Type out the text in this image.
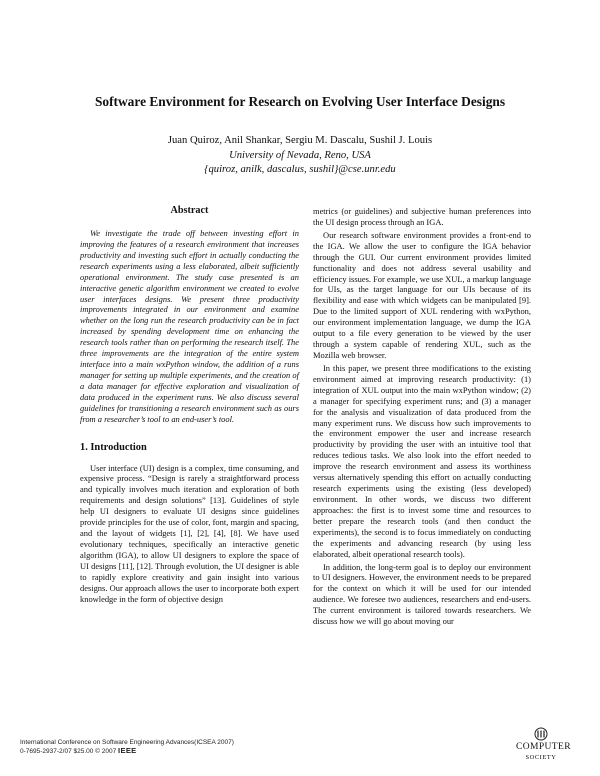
Software Environment for Research on Evolving User Interface Designs
Juan Quiroz, Anil Shankar, Sergiu M. Dascalu, Sushil J. Louis
University of Nevada, Reno, USA
{quiroz, anilk, dascalus, sushil}@cse.unr.edu
Abstract

We investigate the trade off between investing effort in improving the features of a research environment that increases productivity and investing such effort in actually conducting the research experiments using a less elaborated, albeit sufficiently operational environment. The study case presented is an interactive genetic algorithm environment we created to evolve user interfaces designs. We present three productivity improvements integrated in our environment and examine whether on the long run the research productivity can be in fact increased by spending development time on enhancing the research tools rather than on performing the research itself. The three improvements are the integration of the entire system interface into a main wxPython window, the addition of a runs manager for setting up multiple experiments, and the creation of a data manager for effective exploration and visualization of data produced in the experiment runs. We also discuss several guidelines for transitioning a research environment such as ours from a researcher’s tool to an end-user’s tool.

1. Introduction

User interface (UI) design is a complex, time consuming, and expensive process. “Design is rarely a straightforward process and typically involves much iteration and exploration of both requirements and design solutions” [13]. Guidelines of style help UI designers to evaluate UI designs since guidelines provide principles for the use of color, font, margin and spacing, and the layout of widgets [1], [2], [4], [8]. We have used evolutionary techniques, specifically an interactive genetic algorithm (IGA), to allow UI designers to explore the space of UI designs [11], [12]. Through evolution, the UI designer is able to rapidly explore creativity and gain insight into various designs. Our approach allows the user to incorporate both expert knowledge in the form of objective design

metrics (or guidelines) and subjective human preferences into the UI design process through an IGA.

Our research software environment provides a front-end to the IGA. We allow the user to configure the IGA behavior through the GUI. Our current environment provides limited functionality and does not address several usability and efficiency issues. For example, we use XUL, a markup language for UIs, as the target language for our UIs because of its flexibility and ease with which widgets can be manipulated [9]. Due to the limited support of XUL rendering with wxPython, our environment implementation language, we dump the IGA output to a file every generation to be viewed by the user through a system capable of rendering XUL, such as the Mozilla web browser.

In this paper, we present three modifications to the existing environment aimed at improving research productivity: (1) integration of XUL output into the main wxPython window; (2) a manager for specifying experiment runs; and (3) a manager for the analysis and visualization of data produced from the many experiment runs. We discuss how such improvements to the environment empower the user and increase research productivity by providing the user with an intuitive tool that reduces tedious tasks. We also look into the effort needed to improve the research environment and assess its worthiness versus alternatively spending this effort on actually conducting research experiments using the existing (less developed) environment. In other words, we discuss two different approaches: the first is to invest some time and resources to better prepare the research tools (and then conduct the experiments), the second is to focus immediately on conducting the experiments and advancing research (by using less elaborated, albeit operational research tools).

In addition, the long-term goal is to deploy our environment to UI designers. However, the environment needs to be prepared for the context on which it will be used for our intended audience. We foresee two audiences, researchers and end-users. The current environment is tailored towards researchers. We discuss how we will go about moving our

International Conference on Software Engineering Advances(ICSEA 2007)
0-7695-2937-2/07 $25.00 © 2007 IEEE	COMPUTER
SOCIETY
